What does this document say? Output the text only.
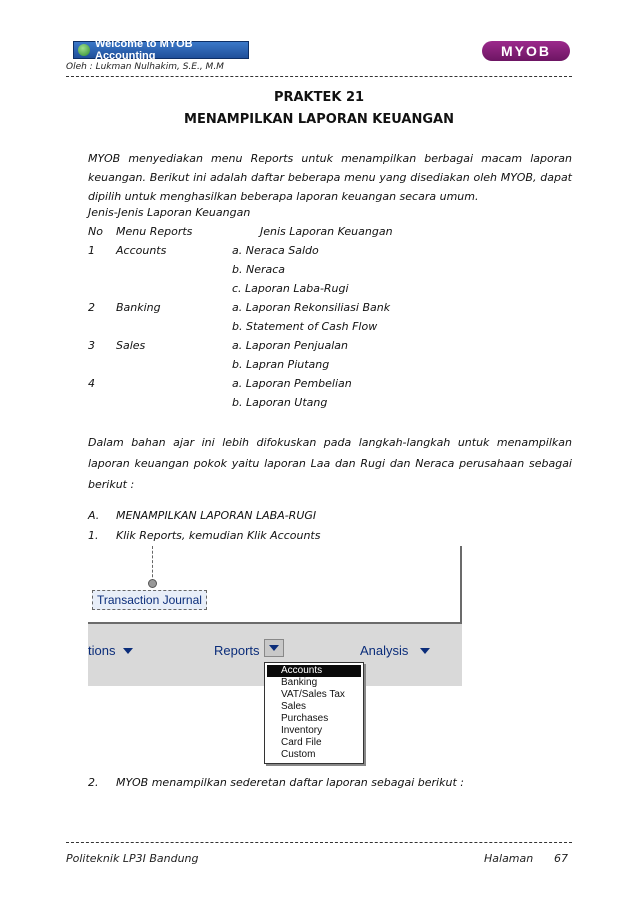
Welcome to MYOB Accounting	MYOB
Oleh : Lukman Nulhakim, S.E., M.M
PRAKTEK 21
MENAMPILKAN LAPORAN KEUANGAN
MYOB menyediakan menu Reports untuk menampilkan berbagai macam laporan keuangan. Berikut ini adalah daftar beberapa menu yang disediakan oleh MYOB, dapat dipilih untuk menghasilkan beberapa laporan keuangan secara umum.
Jenis-Jenis Laporan Keuangan
No Menu Reports	Jenis Laporan Keuangan
1 Accounts	a. Neraca Saldo
b. Neraca
c. Laporan Laba-Rugi
2 Banking	a. Laporan Rekonsiliasi Bank
b. Statement of Cash Flow
3 Sales	a. Laporan Penjualan
b. Lapran Piutang
4	a. Laporan Pembelian
b. Laporan Utang
Dalam bahan ajar ini lebih difokuskan pada langkah-langkah untuk menampilkan laporan keuangan pokok yaitu laporan Laa dan Rugi dan Neraca perusahaan sebagai berikut :
A. MENAMPILKAN LAPORAN LABA-RUGI
1. Klik Reports, kemudian Klik Accounts
Transaction Journal
tions	Reports	Analysis
Accounts
Banking
VAT/Sales Tax
Sales
Purchases
Inventory
Card File
Custom
2. MYOB menampilkan sederetan daftar laporan sebagai berikut :
Politeknik LP3I Bandung	Halaman 67
